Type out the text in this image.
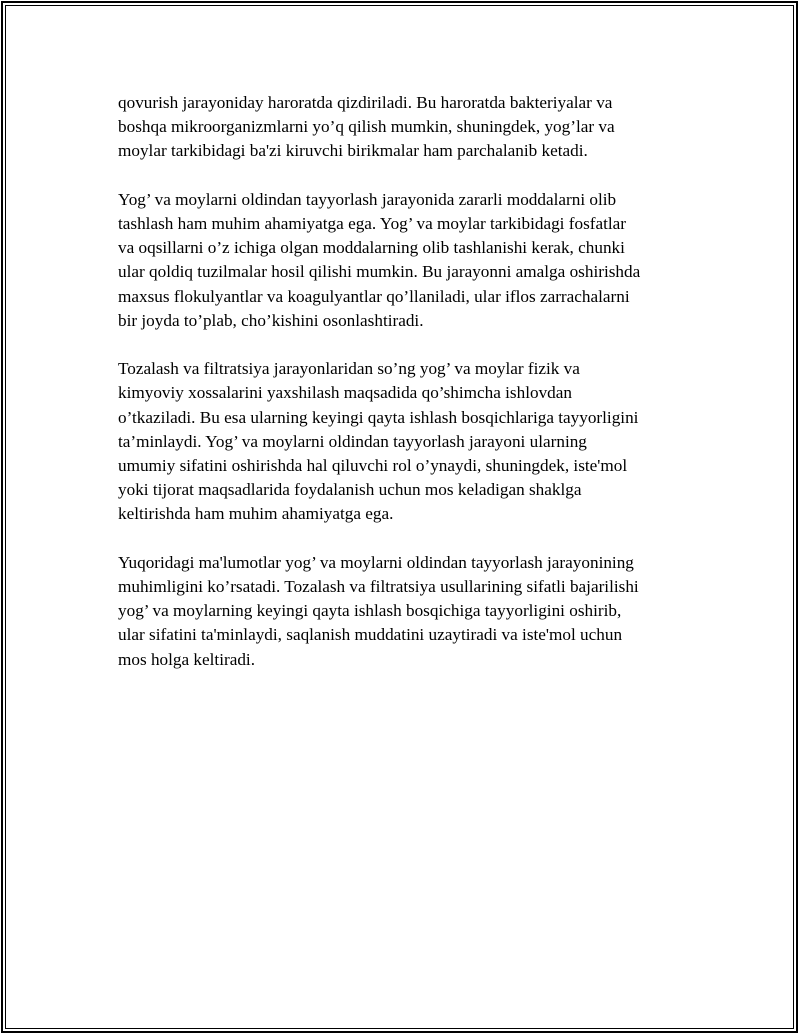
qovurish jarayoniday haroratda qizdiriladi. Bu haroratda bakteriyalar va
boshqa mikroorganizmlarni yo’q qilish mumkin, shuningdek, yog’lar va
moylar tarkibidagi ba'zi kiruvchi birikmalar ham parchalanib ketadi.

Yog’ va moylarni oldindan tayyorlash jarayonida zararli moddalarni olib
tashlash ham muhim ahamiyatga ega. Yog’ va moylar tarkibidagi fosfatlar
va oqsillarni o’z ichiga olgan moddalarning olib tashlanishi kerak, chunki
ular qoldiq tuzilmalar hosil qilishi mumkin. Bu jarayonni amalga oshirishda
maxsus flokulyantlar va koagulyantlar qo’llaniladi, ular iflos zarrachalarni
bir joyda to’plab, cho’kishini osonlashtiradi.

Tozalash va filtratsiya jarayonlaridan so’ng yog’ va moylar fizik va
kimyoviy xossalarini yaxshilash maqsadida qo’shimcha ishlovdan
o’tkaziladi. Bu esa ularning keyingi qayta ishlash bosqichlariga tayyorligini
ta’minlaydi. Yog’ va moylarni oldindan tayyorlash jarayoni ularning
umumiy sifatini oshirishda hal qiluvchi rol o’ynaydi, shuningdek, iste'mol
yoki tijorat maqsadlarida foydalanish uchun mos keladigan shaklga
keltirishda ham muhim ahamiyatga ega.

Yuqoridagi ma'lumotlar yog’ va moylarni oldindan tayyorlash jarayonining
muhimligini ko’rsatadi. Tozalash va filtratsiya usullarining sifatli bajarilishi
yog’ va moylarning keyingi qayta ishlash bosqichiga tayyorligini oshirib,
ular sifatini ta'minlaydi, saqlanish muddatini uzaytiradi va iste'mol uchun
mos holga keltiradi.
